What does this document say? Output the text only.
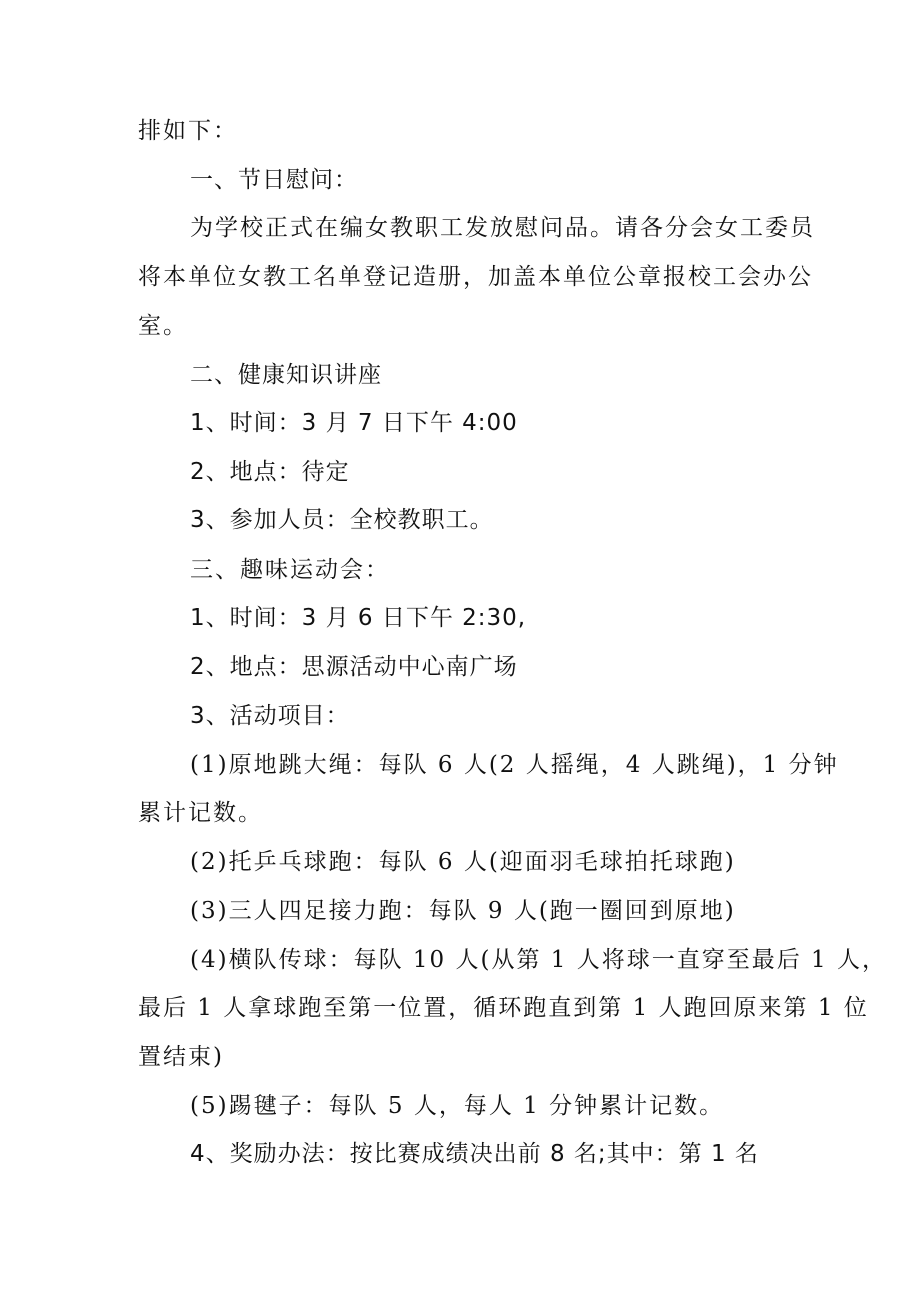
排如下：
一、节日慰问：
为学校正式在编女教职工发放慰问品。请各分会女工委员
将本单位女教工名单登记造册，加盖本单位公章报校工会办公
室。
二、健康知识讲座
1、时间：3 月 7 日下午 4:00
2、地点：待定
3、参加人员：全校教职工。
三、趣味运动会：
1、时间：3 月 6 日下午 2:30,
2、地点：思源活动中心南广场
3、活动项目：
(1)原地跳大绳：每队 6 人(2 人摇绳，4 人跳绳)，1 分钟
累计记数。
(2)托乒乓球跑：每队 6 人(迎面羽毛球拍托球跑)
(3)三人四足接力跑：每队 9 人(跑一圈回到原地)
(4)横队传球：每队 10 人(从第 1 人将球一直穿至最后 1 人，
最后 1 人拿球跑至第一位置，循环跑直到第 1 人跑回原来第 1 位
置结束)
(5)踢毽子：每队 5 人，每人 1 分钟累计记数。
4、奖励办法：按比赛成绩决出前 8 名;其中：第 1 名
